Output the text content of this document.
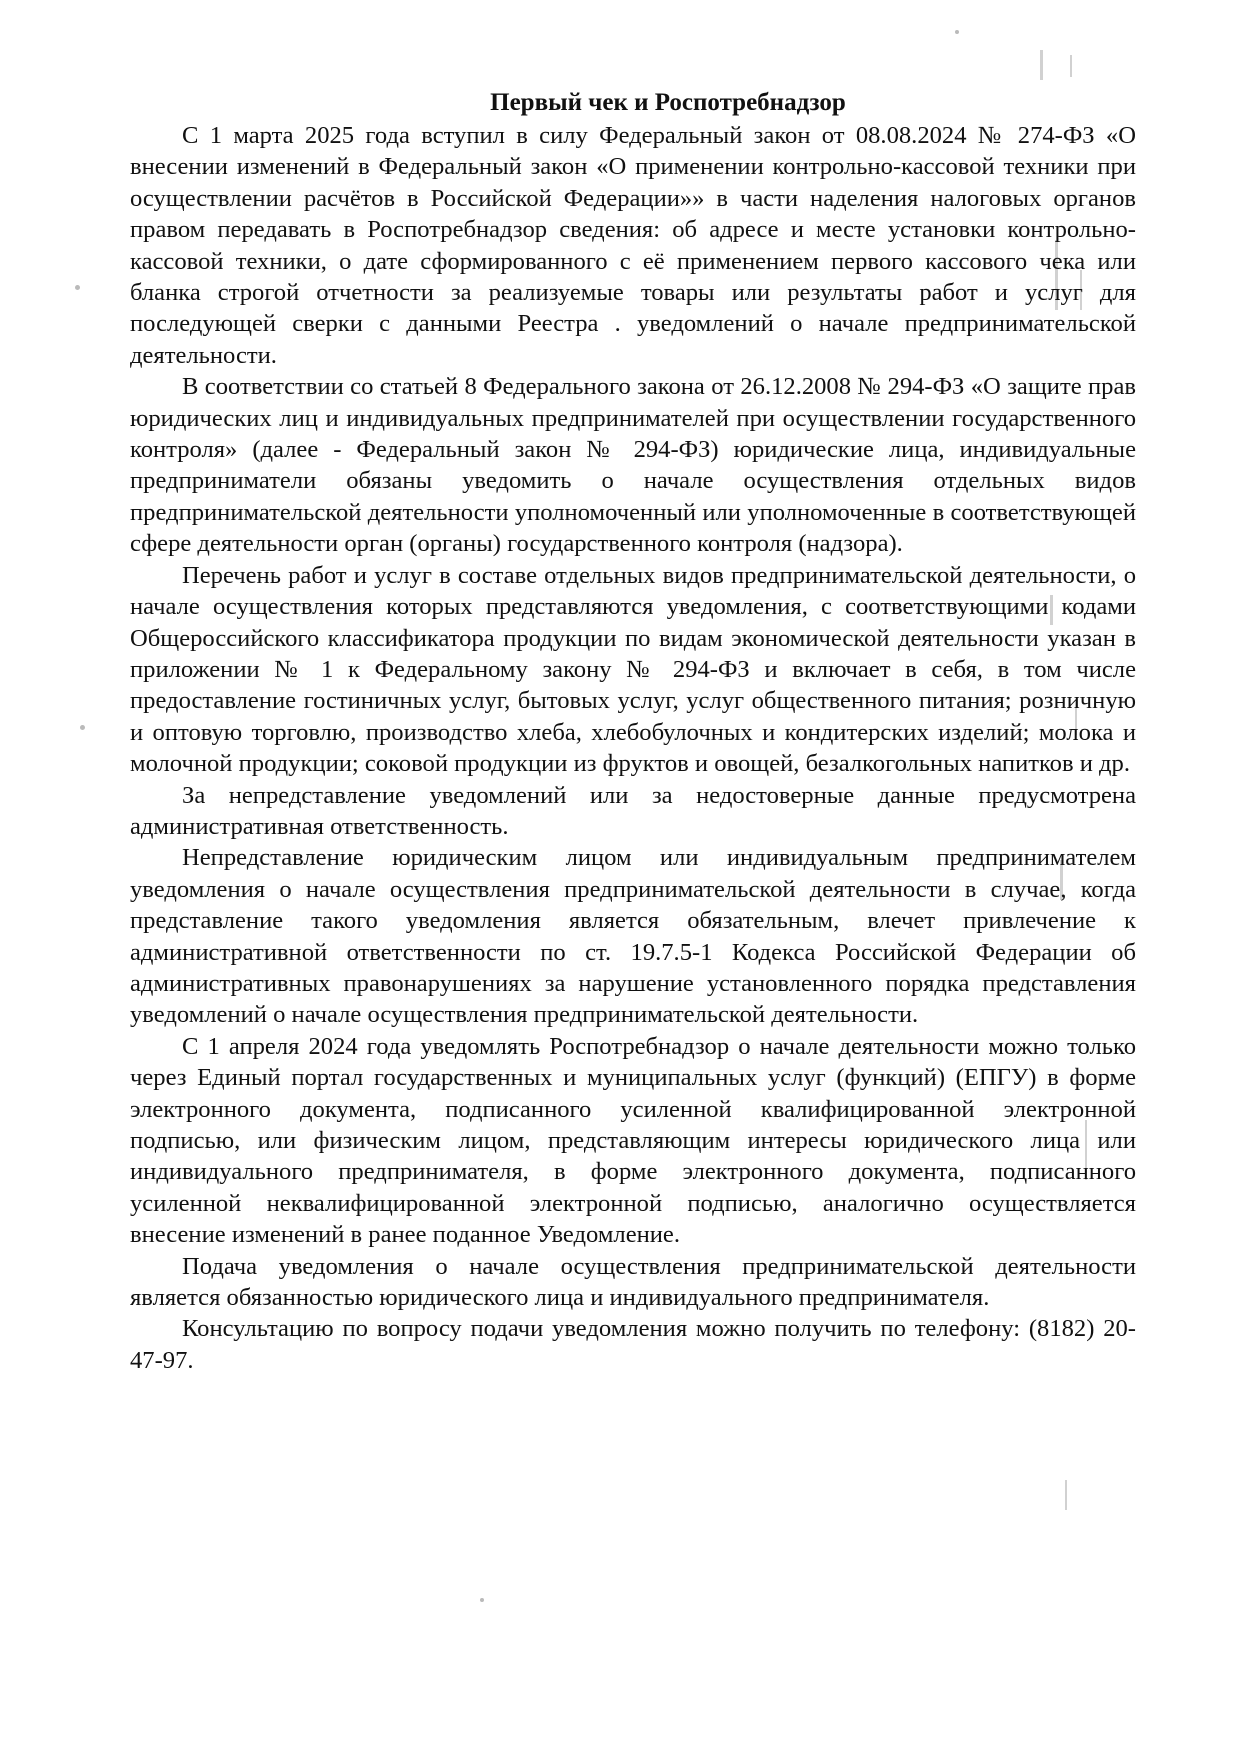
Первый чек и Роспотребнадзор

С 1 марта 2025 года вступил в силу Федеральный закон от 08.08.2024 № 274-ФЗ «О внесении изменений в Федеральный закон «О применении контрольно-кассовой техники при осуществлении расчётов в Российской Федерации»» в части наделения налоговых органов правом передавать в Роспотребнадзор сведения: об адресе и месте установки контрольно-кассовой техники, о дате сформированного с её применением первого кассового чека или бланка строгой отчетности за реализуемые товары или результаты работ и услуг для последующей сверки с данными Реестра . уведомлений о начале предпринимательской деятельности.

В соответствии со статьей 8 Федерального закона от 26.12.2008 № 294-ФЗ «О защите прав юридических лиц и индивидуальных предпринимателей при осуществлении государственного контроля» (далее - Федеральный закон № 294-ФЗ) юридические лица, индивидуальные предприниматели обязаны уведомить о начале осуществления отдельных видов предпринимательской деятельности уполномоченный или уполномоченные в соответствующей сфере деятельности орган (органы) государственного контроля (надзора).

Перечень работ и услуг в составе отдельных видов предпринимательской деятельности, о начале осуществления которых представляются уведомления, с соответствующими кодами Общероссийского классификатора продукции по видам экономической деятельности указан в приложении № 1 к Федеральному закону № 294-ФЗ и включает в себя, в том числе предоставление гостиничных услуг, бытовых услуг, услуг общественного питания; розничную и оптовую торговлю, производство хлеба, хлебобулочных и кондитерских изделий; молока и молочной продукции; соковой продукции из фруктов и овощей, безалкогольных напитков и др.

За непредставление уведомлений или за недостоверные данные предусмотрена административная ответственность.

Непредставление юридическим лицом или индивидуальным предпринимателем уведомления о начале осуществления предпринимательской деятельности в случае, когда представление такого уведомления является обязательным, влечет привлечение к административной ответственности по ст. 19.7.5-1 Кодекса Российской Федерации об административных правонарушениях за нарушение установленного порядка представления уведомлений о начале осуществления предпринимательской деятельности.

С 1 апреля 2024 года уведомлять Роспотребнадзор о начале деятельности можно только через Единый портал государственных и муниципальных услуг (функций) (ЕПГУ) в форме электронного документа, подписанного усиленной квалифицированной электронной подписью, или физическим лицом, представляющим интересы юридического лица или индивидуального предпринимателя, в форме электронного документа, подписанного усиленной неквалифицированной электронной подписью, аналогично осуществляется внесение изменений в ранее поданное Уведомление.

Подача уведомления о начале осуществления предпринимательской деятельности является обязанностью юридического лица и индивидуального предпринимателя.

Консультацию по вопросу подачи уведомления можно получить по телефону: (8182) 20-47-97.
